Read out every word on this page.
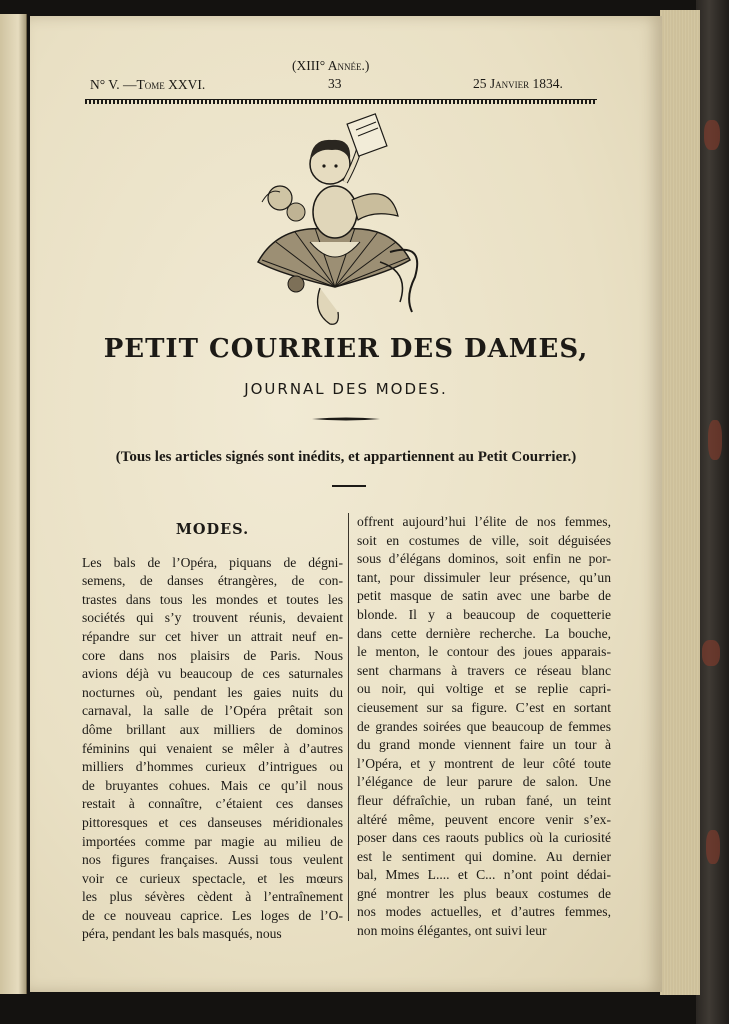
N° V. —Tome XXVI.
(XIII° Année.)
33	25 Janvier 1834.
PETIT COURRIER DES DAMES,
JOURNAL DES MODES.
(Tous les articles signés sont inédits, et appartiennent au Petit Courrier.)
MODES.
Les bals de l’Opéra, piquans de dégni-
semens, de danses étrangères, de con-
trastes dans tous les mondes et toutes les
sociétés qui s’y trouvent réunis, devaient
répandre sur cet hiver un attrait neuf en-
core dans nos plaisirs de Paris. Nous
avions déjà vu beaucoup de ces saturnales
nocturnes où, pendant les gaies nuits du
carnaval, la salle de l’Opéra prêtait son
dôme brillant aux milliers de dominos
féminins qui venaient se mêler à d’autres
milliers d’hommes curieux d’intrigues ou
de bruyantes cohues. Mais ce qu’il nous
restait à connaître, c’étaient ces danses
pittoresques et ces danseuses méridionales
importées comme par magie au milieu de
nos figures françaises. Aussi tous veulent
voir ce curieux spectacle, et les mœurs
les plus sévères cèdent à l’entraînement
de ce nouveau caprice. Les loges de l’O-
péra, pendant les bals masqués, nous
offrent aujourd’hui l’élite de nos femmes,
soit en costumes de ville, soit déguisées
sous d’élégans dominos, soit enfin ne por-
tant, pour dissimuler leur présence, qu’un
petit masque de satin avec une barbe de
blonde. Il y a beaucoup de coquetterie
dans cette dernière recherche. La bouche,
le menton, le contour des joues apparais-
sent charmans à travers ce réseau blanc
ou noir, qui voltige et se replie capri-
cieusement sur sa figure. C’est en sortant
de grandes soirées que beaucoup de femmes
du grand monde viennent faire un tour à
l’Opéra, et y montrent de leur côté toute
l’élégance de leur parure de salon. Une
fleur défraîchie, un ruban fané, un teint
altéré même, peuvent encore venir s’ex-
poser dans ces raouts publics où la curiosité
est le sentiment qui domine. Au dernier
bal, Mmes L.... et C... n’ont point dédai-
gné montrer les plus beaux costumes de
nos modes actuelles, et d’autres femmes,
non moins élégantes, ont suivi leur
